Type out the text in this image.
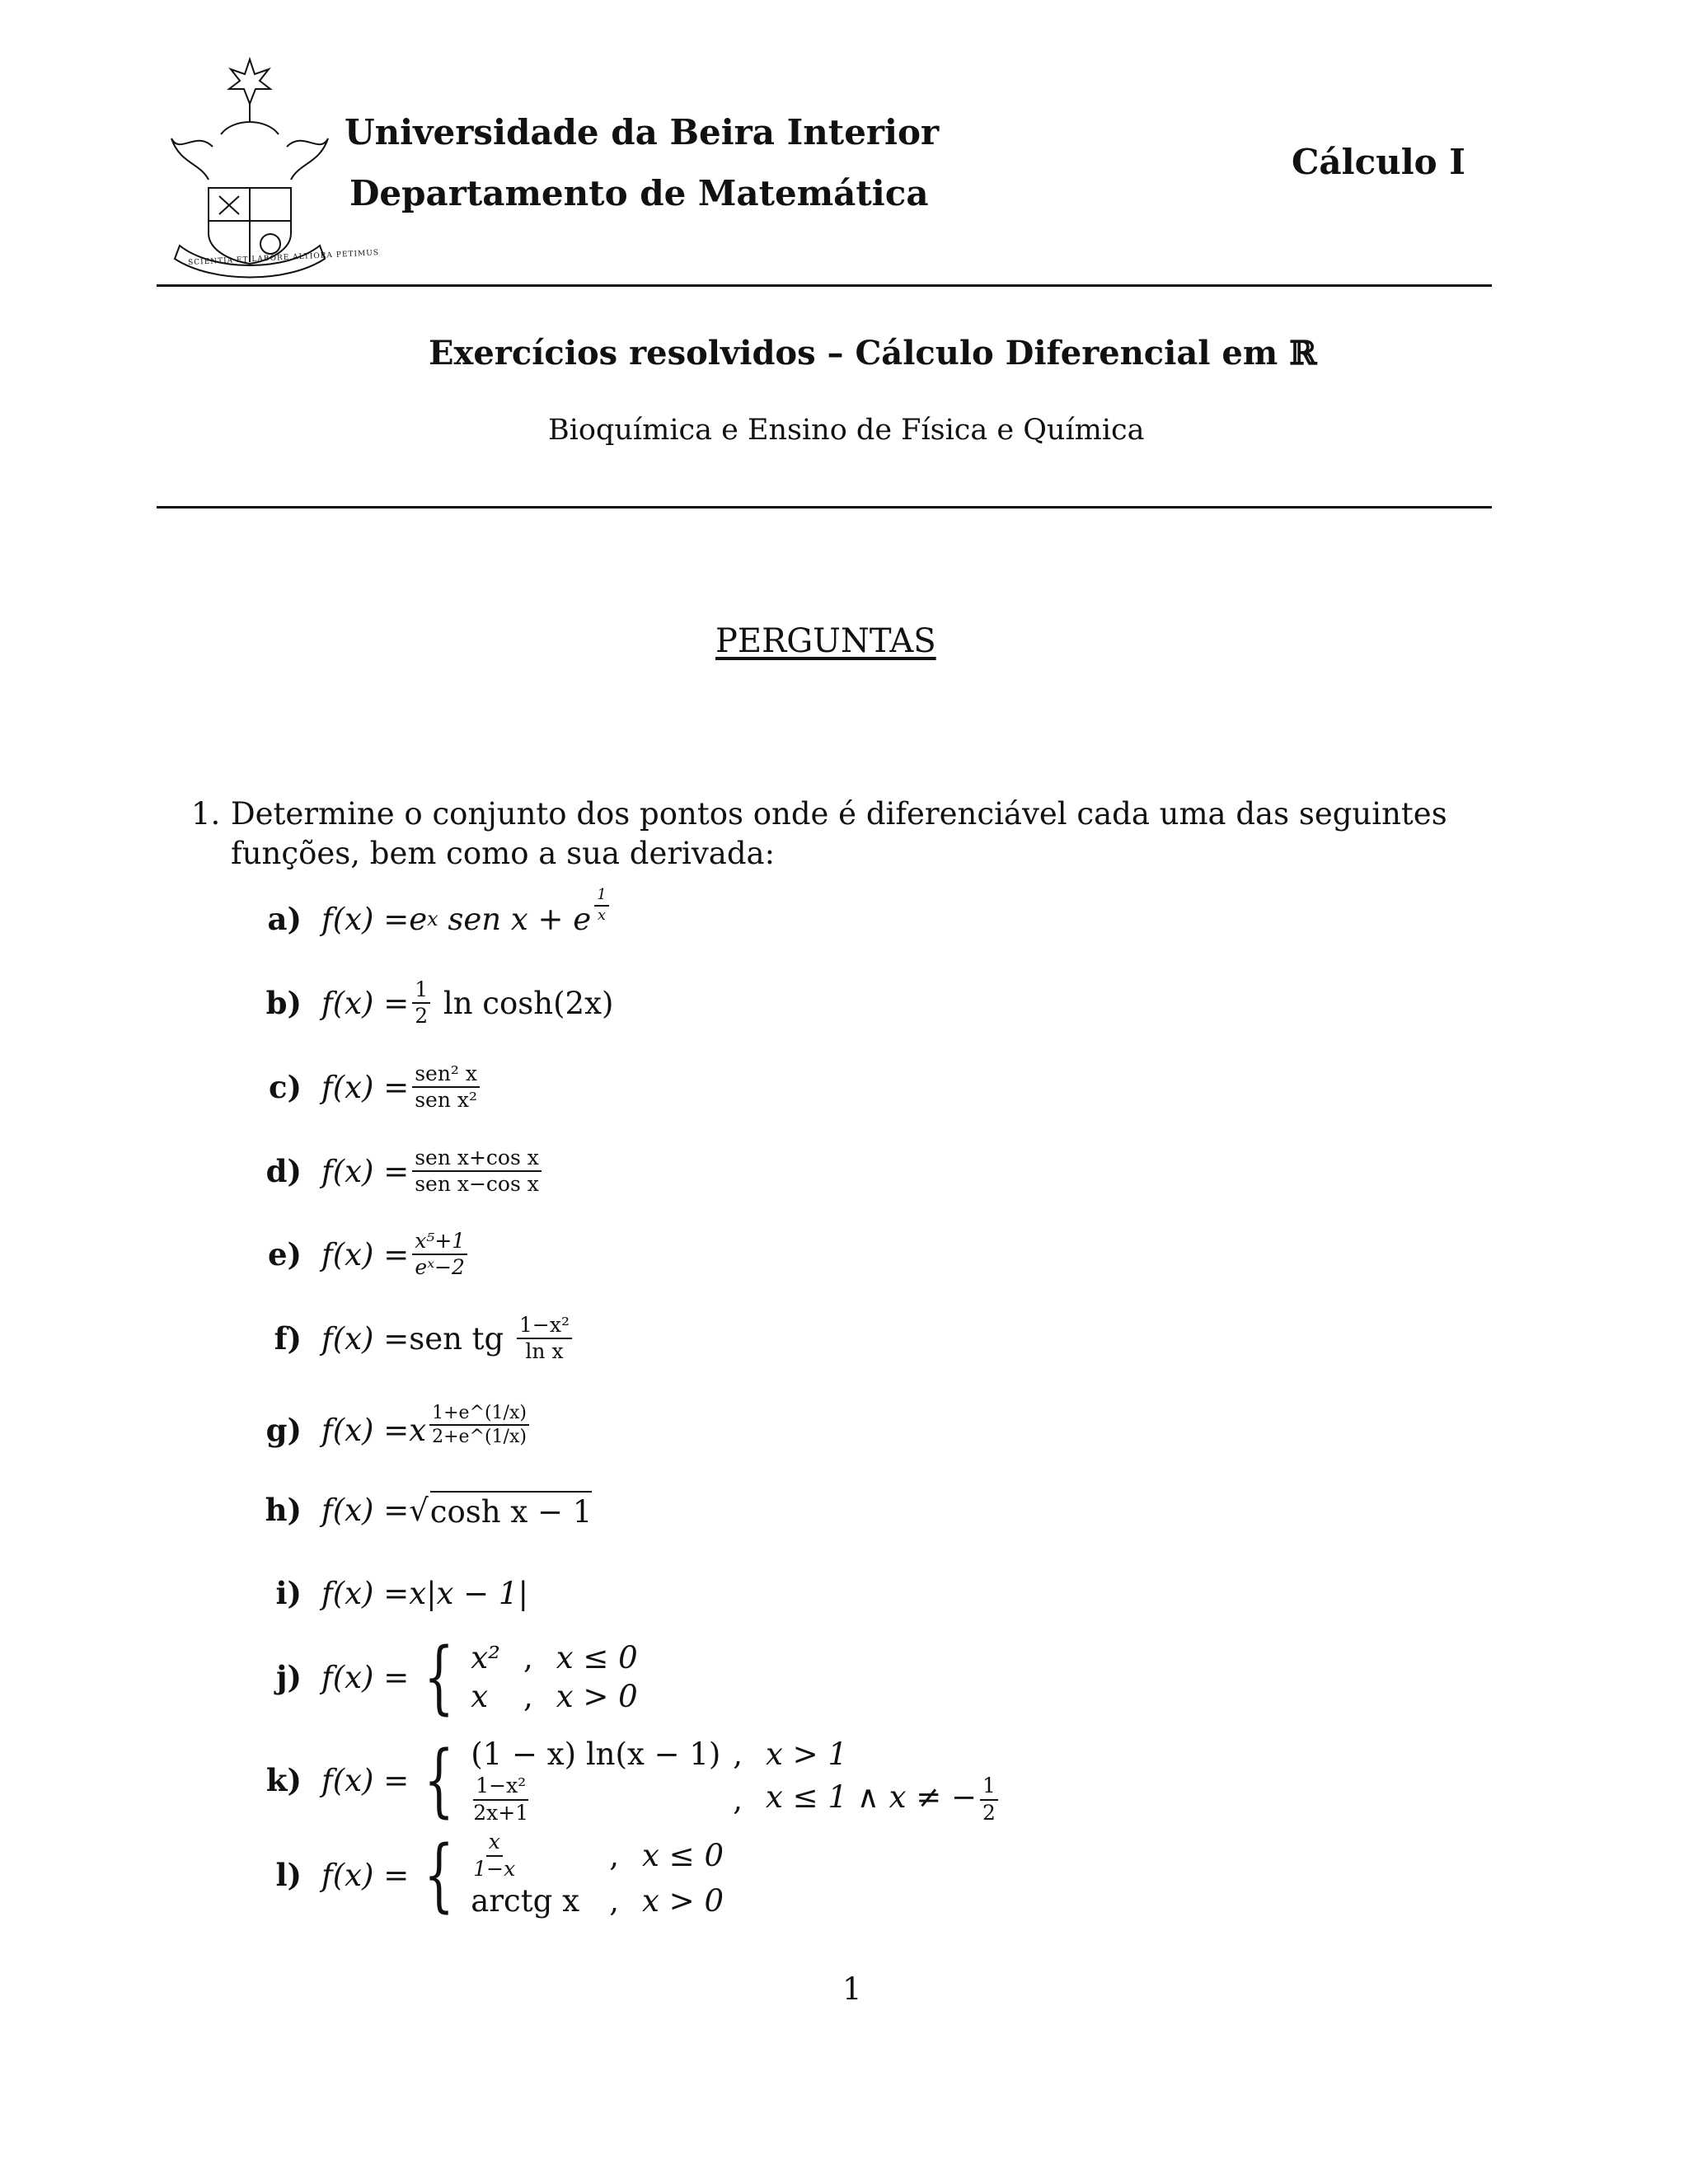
SCIENTIA ET LABORE ALTIORA PETIMUS
Universidade da Beira Interior
Departamento de Matemática
Cálculo I
Exercícios resolvidos – Cálculo Diferencial em ℝ
Bioquímica e Ensino de Física e Química
PERGUNTAS
1. Determine o conjunto dos pontos onde é diferenciável cada uma das seguintes funções, bem como a sua derivada:
a) f(x) = e x sen x + e $\frac{1}{x}$
b) $f(x) = \frac{1}{2}$ ln cosh(2x)
c) $f(x) = \frac{\text{sen² x}}{\text{sen x²}}$
d) $f(x) = \frac{\text{sen x+cos x}}{\text{sen x−cos x}}$
e) $f(x) = \frac{\text{x⁵+1}}{\text{eˣ−2}}$
f) f(x) = sen tg $\frac{\text{1−x²}}{\text{ln x}}$
g) f(x) = x $\frac{1+e\^{}(1/x)}{2+e\^{}(1/x)}$
h) f(x) = √ cosh x − 1
i) f(x) = x|x − 1|
j) f(x) = { x² , x ≤ 0
x	, x > 0
k) f(x) = { (1 − x) ln(x − 1) , x > 1
$\frac{\text{1−x²}}{2x+1}$	, x ≤ 1 ∧ x ≠ − $\frac{1}{2}$
l) f(x) = { $\frac{x}{1-x}$	, x ≤ 0
arctg x , x > 0
1
